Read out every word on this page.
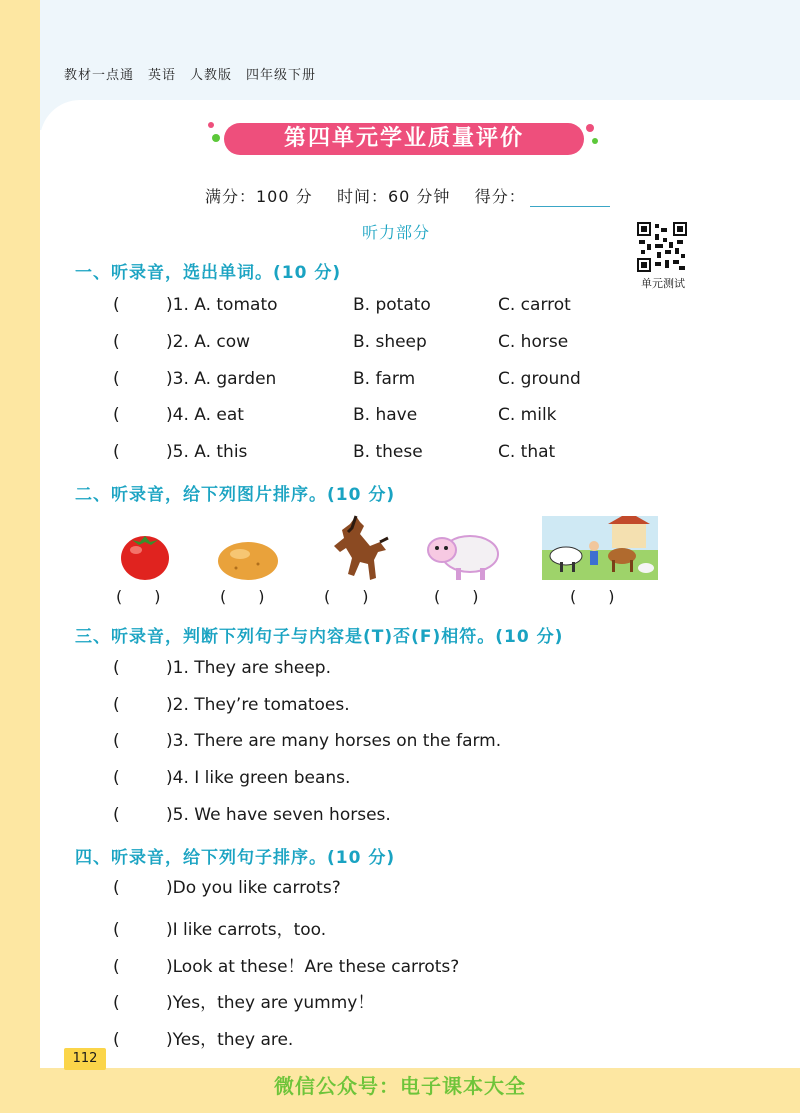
教材一点通　英语　人教版　四年级下册
第四单元学业质量评价
满分：100 分 时间：60 分钟 得分：
听力部分
单元测试
一、听录音，选出单词。(10 分)
(	)1. A. tomato	B. potato	C. carrot
(	)2. A. cow	B. sheep	C. horse
(	)3. A. garden	B. farm	C. ground
(	)4. A. eat	B. have	C. milk
(	)5. A. this	B. these	C. that
二、听录音，给下列图片排序。(10 分)
(　　)	(　　)	(　　)	(　　)	(　　)
三、听录音，判断下列句子与内容是(T)否(F)相符。(10 分)
(	)1. They are sheep.
(	)2. They’re tomatoes.
(	)3. There are many horses on the farm.
(	)4. I like green beans.
(	)5. We have seven horses.
四、听录音，给下列句子排序。(10 分)
(	)Do you like carrots?
(	)I like carrots，too.
(	)Look at these！Are these carrots?
(	)Yes，they are yummy！
(	)Yes，they are.
112
微信公众号：电子课本大全
